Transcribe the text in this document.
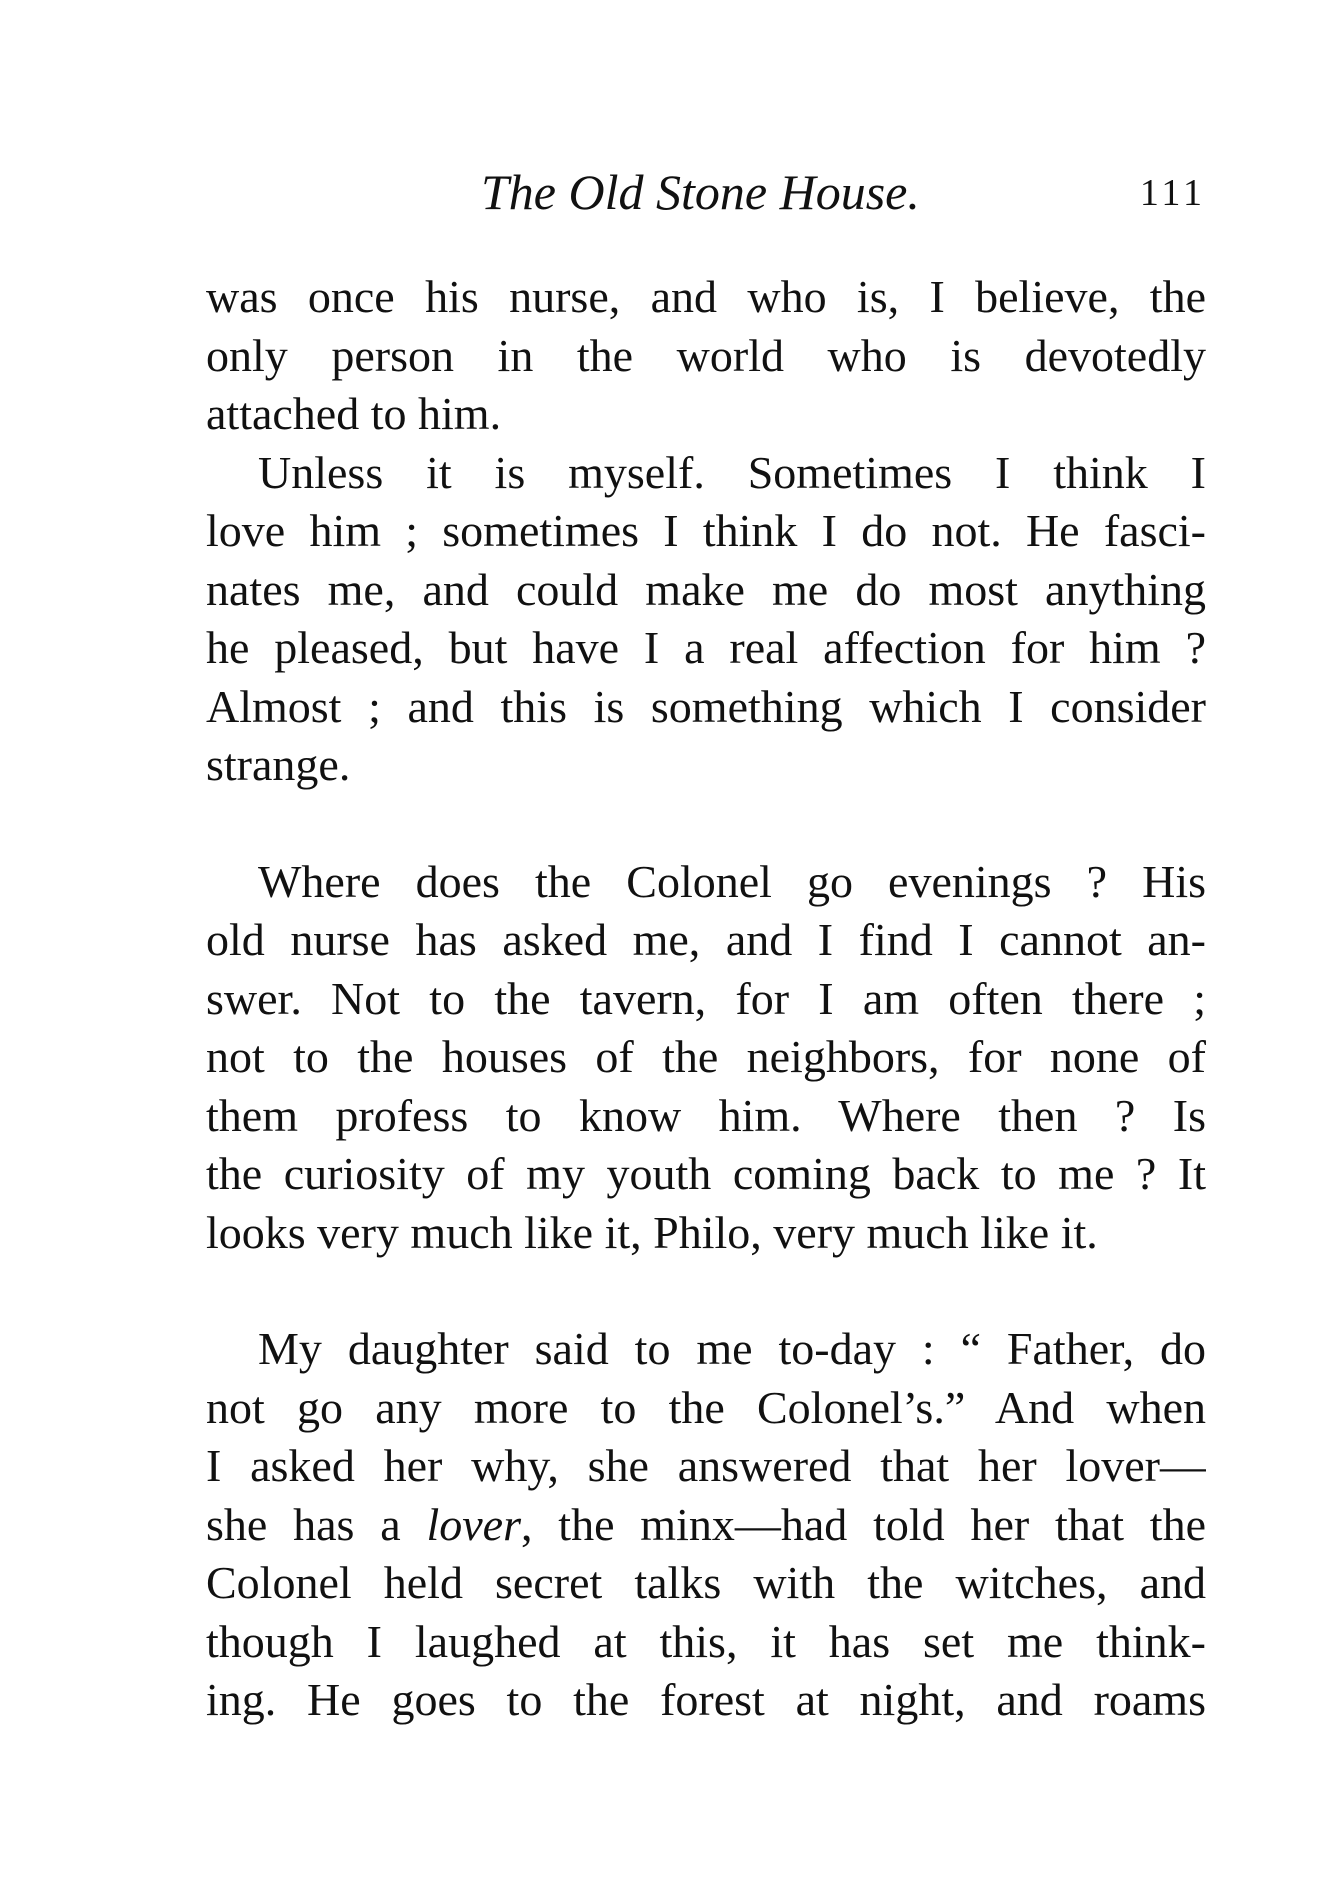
The Old Stone House.	111
was once his nurse, and who is, I believe, the
only person in the world who is devotedly
attached to him.
Unless it is myself. Sometimes I think I
love him ; sometimes I think I do not. He fasci-
nates me, and could make me do most anything
he pleased, but have I a real affection for him ?
Almost ; and this is something which I consider
strange.
Where does the Colonel go evenings ? His
old nurse has asked me, and I find I cannot an-
swer. Not to the tavern, for I am often there ;
not to the houses of the neighbors, for none of
them profess to know him. Where then ? Is
the curiosity of my youth coming back to me ? It
looks very much like it, Philo, very much like it.
My daughter said to me to-day : “ Father, do
not go any more to the Colonel’s.” And when
I asked her why, she answered that her lover—
she has a lover, the minx—had told her that the
Colonel held secret talks with the witches, and
though I laughed at this, it has set me think-
ing. He goes to the forest at night, and roams
